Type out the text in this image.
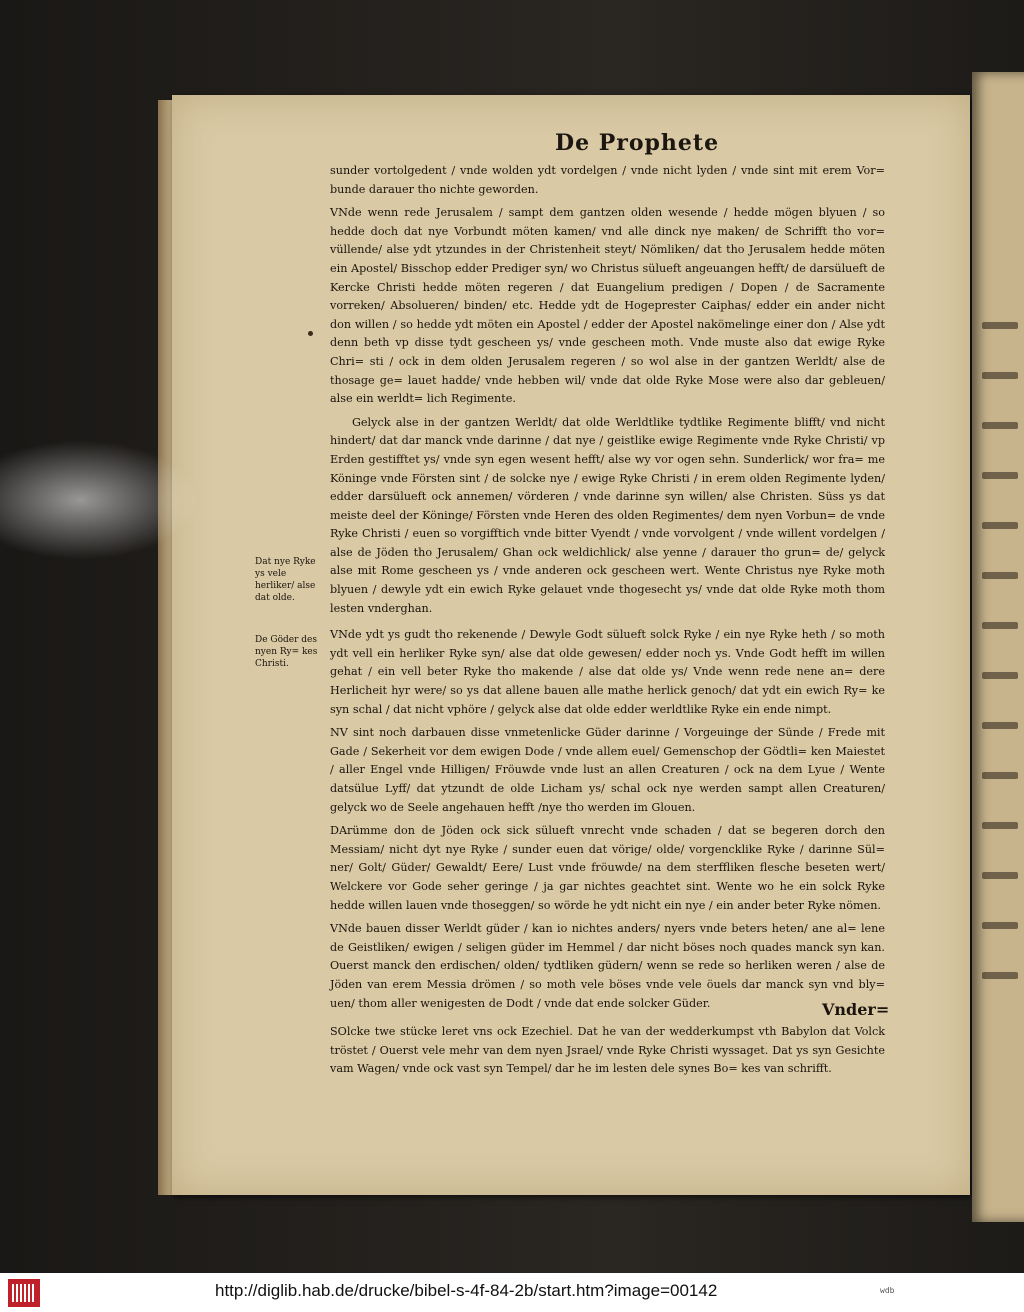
De Prophete

sunder vortolgedent / vnde wolden ydt vordelgen / vnde nicht lyden / vnde sint mit erem Vor= bunde darauer tho nichte geworden.

VNde wenn rede Jerusalem / sampt dem gantzen olden wesende / hedde mögen blyuen / so hedde doch dat nye Vorbundt möten kamen/ vnd alle dinck nye maken/ de Schrifft tho vor= vüllende/ alse ydt ytzundes in der Christenheit steyt/ Nömliken/ dat tho Jerusalem hedde möten ein Apostel/ Bisschop edder Prediger syn/ wo Christus sülueft angeuangen hefft/ de darsülueft de Kercke Christi hedde möten regeren / dat Euangelium predigen / Dopen / de Sacramente vorreken/ Absolueren/ binden/ etc. Hedde ydt de Hogeprester Caiphas/ edder ein ander nicht don willen / so hedde ydt möten ein Apostel / edder der Apostel nakömelinge einer don / Alse ydt denn beth vp disse tydt gescheen ys/ vnde gescheen moth. Vnde muste also dat ewige Ryke Chri= sti / ock in dem olden Jerusalem regeren / so wol alse in der gantzen Werldt/ alse de thosage ge= lauet hadde/ vnde hebben wil/ vnde dat olde Ryke Mose were also dar gebleuen/ alse ein werldt= lich Regimente.

Gelyck alse in der gantzen Werldt/ dat olde Werldtlike tydtlike Regimente blifft/ vnd nicht hindert/ dat dar manck vnde darinne / dat nye / geistlike ewige Regimente vnde Ryke Christi/ vp Erden gestifftet ys/ vnde syn egen wesent hefft/ alse wy vor ogen sehn. Sunderlick/ wor fra= me Köninge vnde Försten sint / de solcke nye / ewige Ryke Christi / in erem olden Regimente lyden/ edder darsülueft ock annemen/ vörderen / vnde darinne syn willen/ alse Christen. Süss ys dat meiste deel der Köninge/ Försten vnde Heren des olden Regimentes/ dem nyen Vorbun= de vnde Ryke Christi / euen so vorgifftich vnde bitter Vyendt / vnde vorvolgent / vnde willent vordelgen / alse de Jöden tho Jerusalem/ Ghan ock weldichlick/ alse yenne / darauer tho grun= de/ gelyck alse mit Rome gescheen ys / vnde anderen ock gescheen wert. Wente Christus nye Ryke moth blyuen / dewyle ydt ein ewich Ryke gelauet vnde thogesecht ys/ vnde dat olde Ryke moth thom lesten vnderghan.

VNde ydt ys gudt tho rekenende / Dewyle Godt sülueft solck Ryke / ein nye Ryke heth / so moth ydt vell ein herliker Ryke syn/ alse dat olde gewesen/ edder noch ys. Vnde Godt hefft im willen gehat / ein vell beter Ryke tho makende / alse dat olde ys/ Vnde wenn rede nene an= dere Herlicheit hyr were/ so ys dat allene bauen alle mathe herlick genoch/ dat ydt ein ewich Ry= ke syn schal / dat nicht vphöre / gelyck alse dat olde edder werldtlike Ryke ein ende nimpt.

NV sint noch darbauen disse vnmetenlicke Güder darinne / Vorgeuinge der Sünde / Frede mit Gade / Sekerheit vor dem ewigen Dode / vnde allem euel/ Gemenschop der Gödtli= ken Maiestet / aller Engel vnde Hilligen/ Fröuwde vnde lust an allen Creaturen / ock na dem Lyue / Wente datsülue Lyff/ dat ytzundt de olde Licham ys/ schal ock nye werden sampt allen Creaturen/ gelyck wo de Seele angehauen hefft /nye tho werden im Glouen.

DArümme don de Jöden ock sick sülueft vnrecht vnde schaden / dat se begeren dorch den Messiam/ nicht dyt nye Ryke / sunder euen dat vörige/ olde/ vorgencklike Ryke / darinne Sül= ner/ Golt/ Güder/ Gewaldt/ Eere/ Lust vnde fröuwde/ na dem sterffliken flesche beseten wert/ Welckere vor Gode seher geringe / ja gar nichtes geachtet sint. Wente wo he ein solck Ryke hedde willen lauen vnde thoseggen/ so wörde he ydt nicht ein nye / ein ander beter Ryke nömen.

VNde bauen disser Werldt güder / kan io nichtes anders/ nyers vnde beters heten/ ane al= lene de Geistliken/ ewigen / seligen güder im Hemmel / dar nicht böses noch quades manck syn kan. Ouerst manck den erdischen/ olden/ tydtliken güdern/ wenn se rede so herliken weren / alse de Jöden van erem Messia drömen / so moth vele böses vnde vele öuels dar manck syn vnd bly= uen/ thom aller wenigesten de Dodt / vnde dat ende solcker Güder.

SOlcke twe stücke leret vns ock Ezechiel. Dat he van der wedderkumpst vth Babylon dat Volck tröstet / Ouerst vele mehr van dem nyen Jsrael/ vnde Ryke Christi wyssaget. Dat ys syn Gesichte vam Wagen/ vnde ock vast syn Tempel/ dar he im lesten dele synes Bo= kes van schrifft.

Dat nye Ryke ys vele herliker/ alse dat olde.
De Göder des nyen Ry= kes Christi.
Vnder=
http://diglib.hab.de/drucke/bibel-s-4f-84-2b/start.htm?image=00142	wdb
